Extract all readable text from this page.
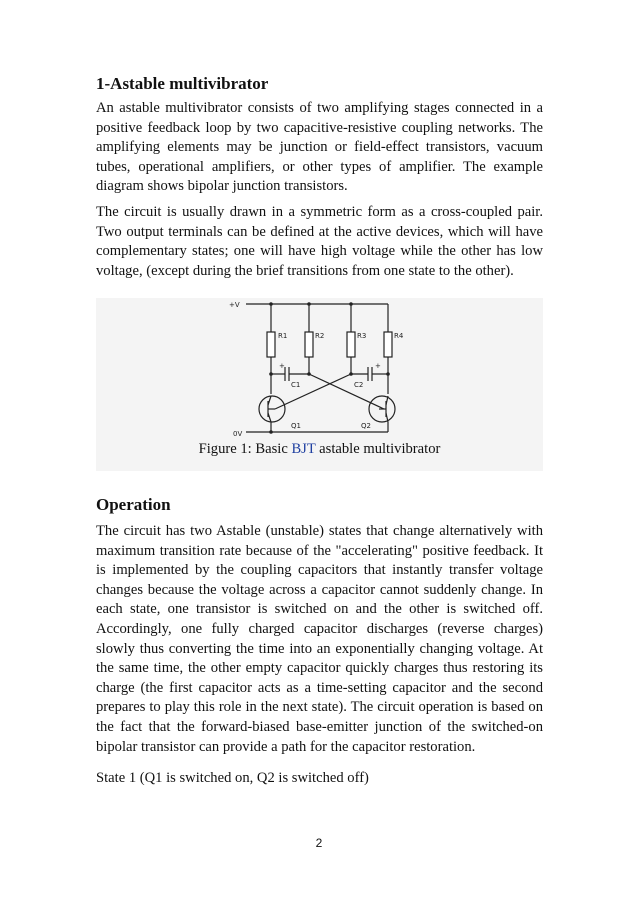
1-Astable multivibrator

An astable multivibrator consists of two amplifying stages connected in a positive feedback loop by two capacitive-resistive coupling networks. The amplifying elements may be junction or field-effect transistors, vacuum tubes, operational amplifiers, or other types of amplifier. The example diagram shows bipolar junction transistors.

The circuit is usually drawn in a symmetric form as a cross-coupled pair. Two output terminals can be defined at the active devices, which will have complementary states; one will have high voltage while the other has low voltage, (except during the brief transitions from one state to the other).

+V
R1	R2	R3	R4
+	+
C1	C2
Q1	Q2
0V
Figure 1: Basic BJT astable multivibrator
Operation

The circuit has two Astable (unstable) states that change alternatively with maximum transition rate because of the "accelerating" positive feedback. It is implemented by the coupling capacitors that instantly transfer voltage changes because the voltage across a capacitor cannot suddenly change. In each state, one transistor is switched on and the other is switched off. Accordingly, one fully charged capacitor discharges (reverse charges) slowly thus converting the time into an exponentially changing voltage. At the same time, the other empty capacitor quickly charges thus restoring its charge (the first capacitor acts as a time-setting capacitor and the second prepares to play this role in the next state). The circuit operation is based on the fact that the forward-biased base-emitter junction of the switched-on bipolar transistor can provide a path for the capacitor restoration.

State 1 (Q1 is switched on, Q2 is switched off)

2
